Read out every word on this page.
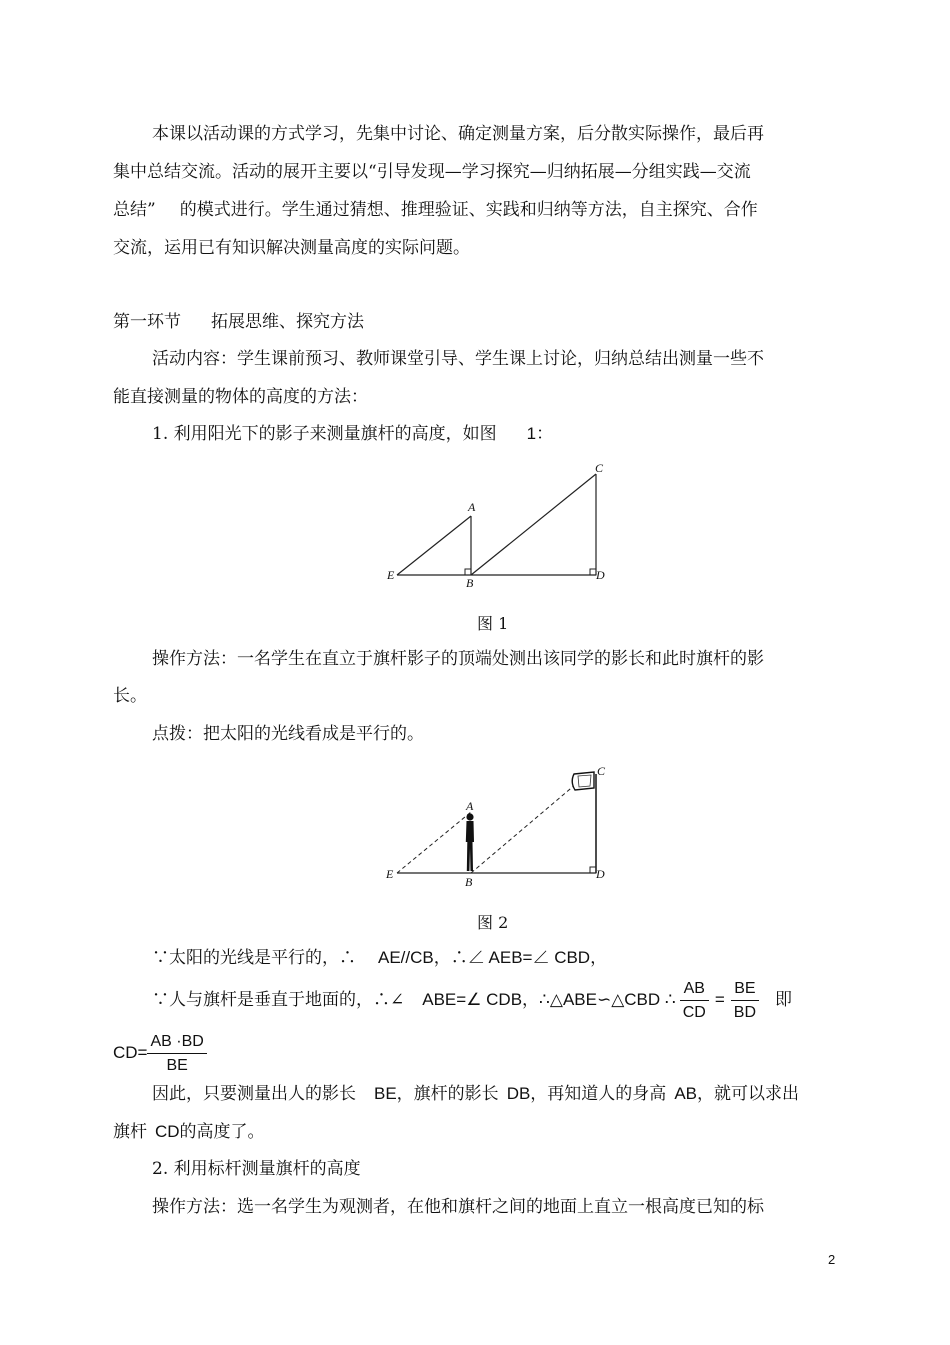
本课以活动课的方式学习，先集中讨论、确定测量方案，后分散实际操作，最后再
集中总结交流。活动的展开主要以“引导发现—学习探究—归纳拓展—分组实践—交流
总结” 的模式进行。学生通过猜想、推理验证、实践和归纳等方法，自主探究、合作
交流，运用已有知识解决测量高度的实际问题。
第一环节 拓展思维、探究方法
活动内容：学生课前预习、教师课堂引导、学生课上讨论，归纳总结出测量一些不
能直接测量的物体的高度的方法：
1. 利用阳光下的影子来测量旗杆的高度，如图 1：
A
B
C
D
E
图 1
操作方法：一名学生在直立于旗杆影子的顶端处测出该同学的影长和此时旗杆的影
长。
点拨：把太阳的光线看成是平行的。
A
B
C
D
E
图 2
∵太阳的光线是平行的，∴ AE//CB，∴∠ AEB=∠ CBD，
∵人与旗杆是垂直于地面的，∴∠ ABE=∠ CDB，∴△ABE∽△CBD ∴ $\frac{AB}{CD} = \frac{BE}{BD}$ 即
$CD= \frac{AB \cdot BD}{BE}$
因此，只要测量出人的影长 BE，旗杆的影长 DB，再知道人的身高 AB，就可以求出
旗杆 CD的高度了。
2. 利用标杆测量旗杆的高度
操作方法：选一名学生为观测者，在他和旗杆之间的地面上直立一根高度已知的标
2
